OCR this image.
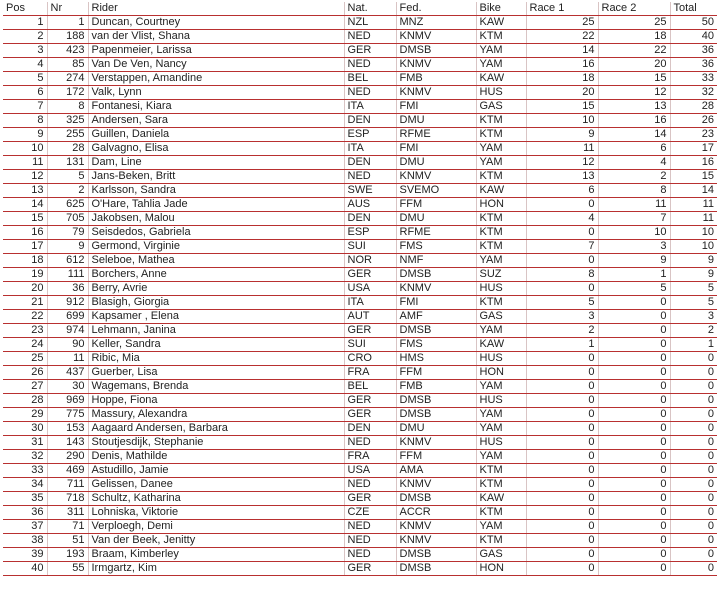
Pos	Nr	Rider	Nat.	Fed.	Bike	Race 1	Race 2	Total
1	1	Duncan, Courtney	NZL	MNZ	KAW	25	25	50
2	188	van der Vlist, Shana	NED	KNMV	KTM	22	18	40
3	423	Papenmeier, Larissa	GER	DMSB	YAM	14	22	36
4	85	Van De Ven, Nancy	NED	KNMV	YAM	16	20	36
5	274	Verstappen, Amandine	BEL	FMB	KAW	18	15	33
6	172	Valk, Lynn	NED	KNMV	HUS	20	12	32
7	8	Fontanesi, Kiara	ITA	FMI	GAS	15	13	28
8	325	Andersen, Sara	DEN	DMU	KTM	10	16	26
9	255	Guillen, Daniela	ESP	RFME	KTM	9	14	23
10	28	Galvagno, Elisa	ITA	FMI	YAM	11	6	17
11	131	Dam, Line	DEN	DMU	YAM	12	4	16
12	5	Jans-Beken, Britt	NED	KNMV	KTM	13	2	15
13	2	Karlsson, Sandra	SWE	SVEMO	KAW	6	8	14
14	625	O'Hare, Tahlia Jade	AUS	FFM	HON	0	11	11
15	705	Jakobsen, Malou	DEN	DMU	KTM	4	7	11
16	79	Seisdedos, Gabriela	ESP	RFME	KTM	0	10	10
17	9	Germond, Virginie	SUI	FMS	KTM	7	3	10
18	612	Seleboe, Mathea	NOR	NMF	YAM	0	9	9
19	111	Borchers, Anne	GER	DMSB	SUZ	8	1	9
20	36	Berry, Avrie	USA	KNMV	HUS	0	5	5
21	912	Blasigh, Giorgia	ITA	FMI	KTM	5	0	5
22	699	Kapsamer , Elena	AUT	AMF	GAS	3	0	3
23	974	Lehmann, Janina	GER	DMSB	YAM	2	0	2
24	90	Keller, Sandra	SUI	FMS	KAW	1	0	1
25	11	Ribic, Mia	CRO	HMS	HUS	0	0	0
26	437	Guerber, Lisa	FRA	FFM	HON	0	0	0
27	30	Wagemans, Brenda	BEL	FMB	YAM	0	0	0
28	969	Hoppe, Fiona	GER	DMSB	HUS	0	0	0
29	775	Massury, Alexandra	GER	DMSB	YAM	0	0	0
30	153	Aagaard Andersen, Barbara	DEN	DMU	YAM	0	0	0
31	143	Stoutjesdijk, Stephanie	NED	KNMV	HUS	0	0	0
32	290	Denis, Mathilde	FRA	FFM	YAM	0	0	0
33	469	Astudillo, Jamie	USA	AMA	KTM	0	0	0
34	711	Gelissen, Danee	NED	KNMV	KTM	0	0	0
35	718	Schultz, Katharina	GER	DMSB	KAW	0	0	0
36	311	Lohniska, Viktorie	CZE	ACCR	KTM	0	0	0
37	71	Verploegh, Demi	NED	KNMV	YAM	0	0	0
38	51	Van der Beek, Jenitty	NED	KNMV	KTM	0	0	0
39	193	Braam, Kimberley	NED	DMSB	GAS	0	0	0
40	55	Irmgartz, Kim	GER	DMSB	HON	0	0	0
